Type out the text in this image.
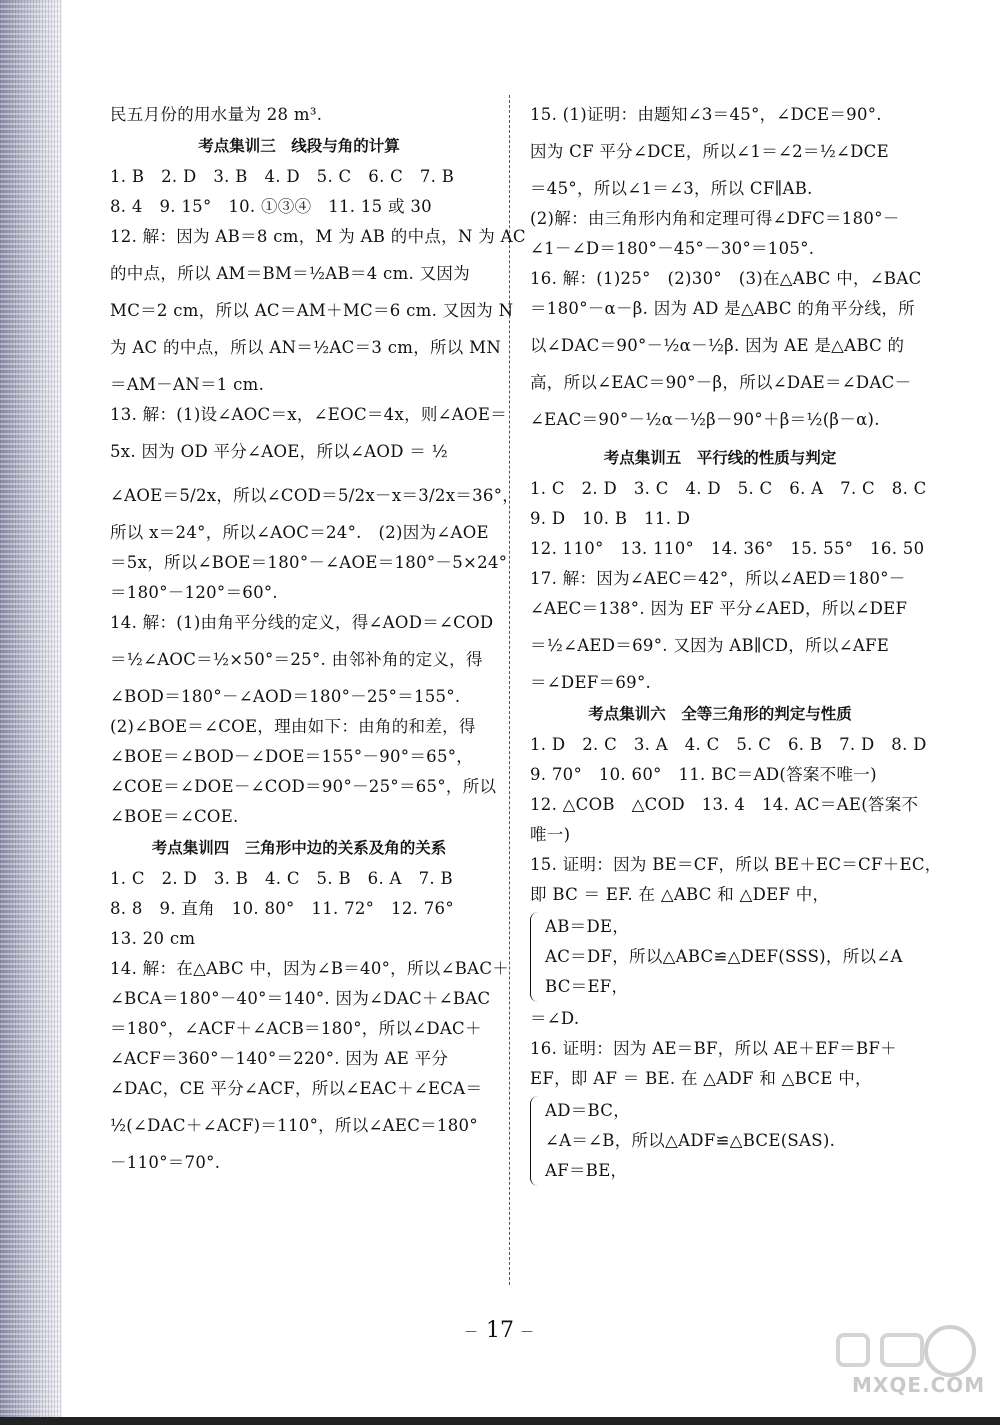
民五月份的用水量为 28 m³.
考点集训三　线段与角的计算
1. B　2. D　3. B　4. D　5. C　6. C　7. B
8. 4　9. 15°　10. ①③④　11. 15 或 30
12. 解：因为 AB＝8 cm，M 为 AB 的中点，N 为 AC
的中点，所以 AM＝BM＝½AB＝4 cm. 又因为
MC＝2 cm，所以 AC＝AM＋MC＝6 cm. 又因为 N
为 AC 的中点，所以 AN＝½AC＝3 cm，所以 MN
＝AM－AN＝1 cm.
13. 解：(1)设∠AOC＝x，∠EOC＝4x，则∠AOE＝
5x. 因为 OD 平分∠AOE，所以∠AOD ＝ ½
∠AOE＝5/2x，所以∠COD＝5/2x－x＝3/2x＝36°，
所以 x＝24°，所以∠AOC＝24°.　(2)因为∠AOE
＝5x，所以∠BOE＝180°－∠AOE＝180°－5×24°
＝180°－120°＝60°.
14. 解：(1)由角平分线的定义，得∠AOD＝∠COD
＝½∠AOC＝½×50°＝25°. 由邻补角的定义，得
∠BOD＝180°－∠AOD＝180°－25°＝155°.
(2)∠BOE＝∠COE，理由如下：由角的和差，得
∠BOE＝∠BOD－∠DOE＝155°－90°＝65°，
∠COE＝∠DOE－∠COD＝90°－25°＝65°，所以
∠BOE＝∠COE.
考点集训四　三角形中边的关系及角的关系
1. C　2. D　3. B　4. C　5. B　6. A　7. B
8. 8　9. 直角　10. 80°　11. 72°　12. 76°
13. 20 cm
14. 解：在△ABC 中，因为∠B＝40°，所以∠BAC＋
∠BCA＝180°－40°＝140°. 因为∠DAC＋∠BAC
＝180°，∠ACF＋∠ACB＝180°，所以∠DAC＋
∠ACF＝360°－140°＝220°. 因为 AE 平分
∠DAC，CE 平分∠ACF，所以∠EAC＋∠ECA＝
½(∠DAC＋∠ACF)＝110°，所以∠AEC＝180°
－110°＝70°.
15. (1)证明：由题知∠3＝45°，∠DCE＝90°.
因为 CF 平分∠DCE，所以∠1＝∠2＝½∠DCE
＝45°，所以∠1＝∠3，所以 CF∥AB.
(2)解：由三角形内角和定理可得∠DFC＝180°－
∠1－∠D＝180°－45°－30°＝105°.
16. 解：(1)25°　(2)30°　(3)在△ABC 中，∠BAC
＝180°－α－β. 因为 AD 是△ABC 的角平分线，所
以∠DAC＝90°－½α－½β. 因为 AE 是△ABC 的
高，所以∠EAC＝90°－β，所以∠DAE＝∠DAC－
∠EAC＝90°－½α－½β－90°＋β＝½(β－α).
考点集训五　平行线的性质与判定
1. C　2. D　3. C　4. D　5. C　6. A　7. C　8. C
9. D　10. B　11. D
12. 110°　13. 110°　14. 36°　15. 55°　16. 50
17. 解：因为∠AEC＝42°，所以∠AED＝180°－
∠AEC＝138°. 因为 EF 平分∠AED，所以∠DEF
＝½∠AED＝69°. 又因为 AB∥CD，所以∠AFE
＝∠DEF＝69°.
考点集训六　全等三角形的判定与性质
1. D　2. C　3. A　4. C　5. C　6. B　7. D　8. D
9. 70°　10. 60°　11. BC＝AD(答案不唯一)
12. △COB　△COD　13. 4　14. AC＝AE(答案不
唯一)
15. 证明：因为 BE＝CF，所以 BE＋EC＝CF＋EC，
即 BC ＝ EF. 在 △ABC 和 △DEF 中，
AB＝DE，
AC＝DF，所以△ABC≌△DEF(SSS)，所以∠A
BC＝EF，
＝∠D.
16. 证明：因为 AE＝BF，所以 AE＋EF＝BF＋
EF，即 AF ＝ BE. 在 △ADF 和 △BCE 中，
AD＝BC，
∠A＝∠B，所以△ADF≌△BCE(SAS).
AF＝BE，
— 17 —
MXQE.COM
